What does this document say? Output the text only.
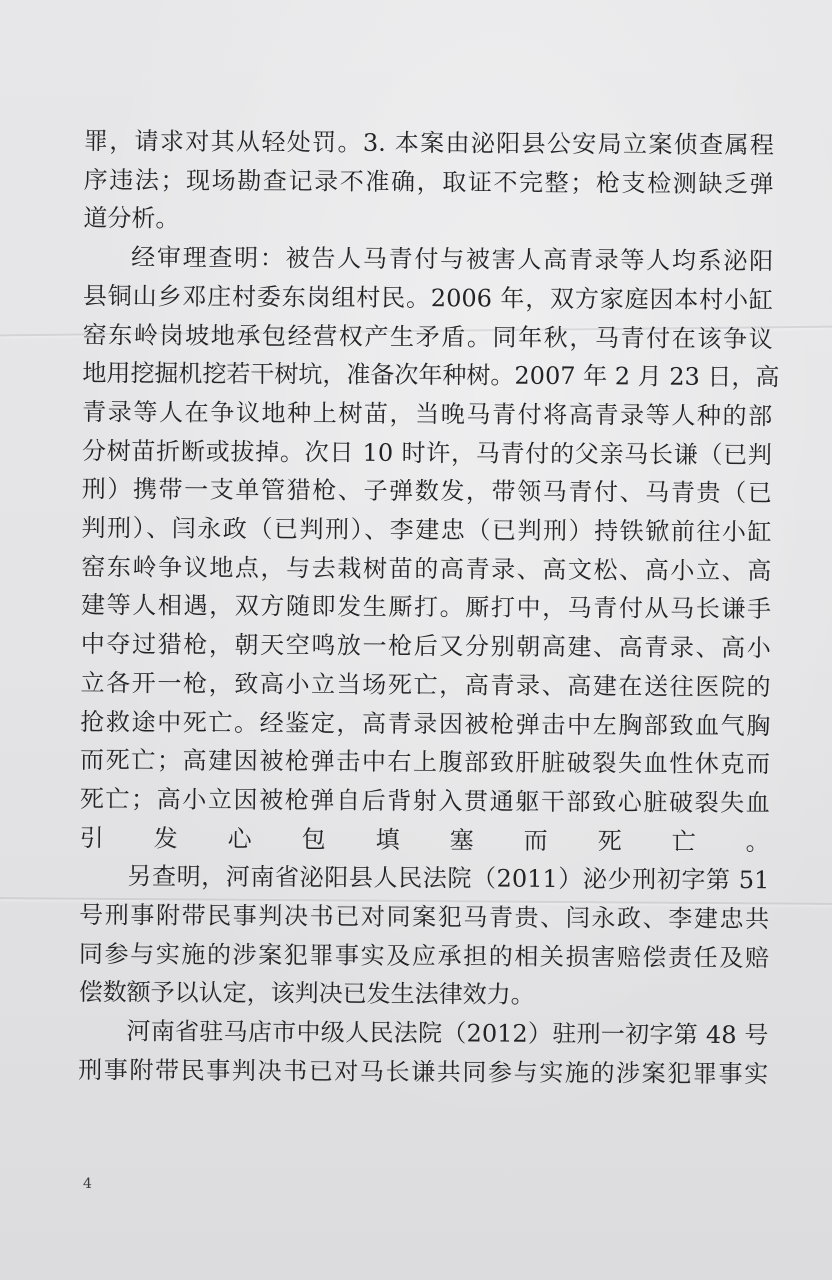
罪，请求对其从轻处罚。3. 本案由泌阳县公安局立案侦查属程
序违法；现场勘查记录不准确，取证不完整；枪支检测缺乏弹
道分析。
经审理查明：被告人马青付与被害人高青录等人均系泌阳
县铜山乡邓庄村委东岗组村民。2006 年，双方家庭因本村小缸
窑东岭岗坡地承包经营权产生矛盾。同年秋，马青付在该争议
地用挖掘机挖若干树坑，准备次年种树。2007 年 2 月 23 日，高
青录等人在争议地种上树苗，当晚马青付将高青录等人种的部
分树苗折断或拔掉。次日 10 时许，马青付的父亲马长谦（已判
刑）携带一支单管猎枪、子弹数发，带领马青付、马青贵（已
判刑）、闫永政（已判刑）、李建忠（已判刑）持铁锨前往小缸
窑东岭争议地点，与去栽树苗的高青录、高文松、高小立、高
建等人相遇，双方随即发生厮打。厮打中，马青付从马长谦手
中夺过猎枪，朝天空鸣放一枪后又分别朝高建、高青录、高小
立各开一枪，致高小立当场死亡，高青录、高建在送往医院的
抢救途中死亡。经鉴定，高青录因被枪弹击中左胸部致血气胸
而死亡；高建因被枪弹击中右上腹部致肝脏破裂失血性休克而
死亡；高小立因被枪弹自后背射入贯通躯干部致心脏破裂失血
引发心包填塞而死亡。
另查明，河南省泌阳县人民法院（2011）泌少刑初字第 51
号刑事附带民事判决书已对同案犯马青贵、闫永政、李建忠共
同参与实施的涉案犯罪事实及应承担的相关损害赔偿责任及赔
偿数额予以认定，该判决已发生法律效力。
河南省驻马店市中级人民法院（2012）驻刑一初字第 48 号
刑事附带民事判决书已对马长谦共同参与实施的涉案犯罪事实
4
